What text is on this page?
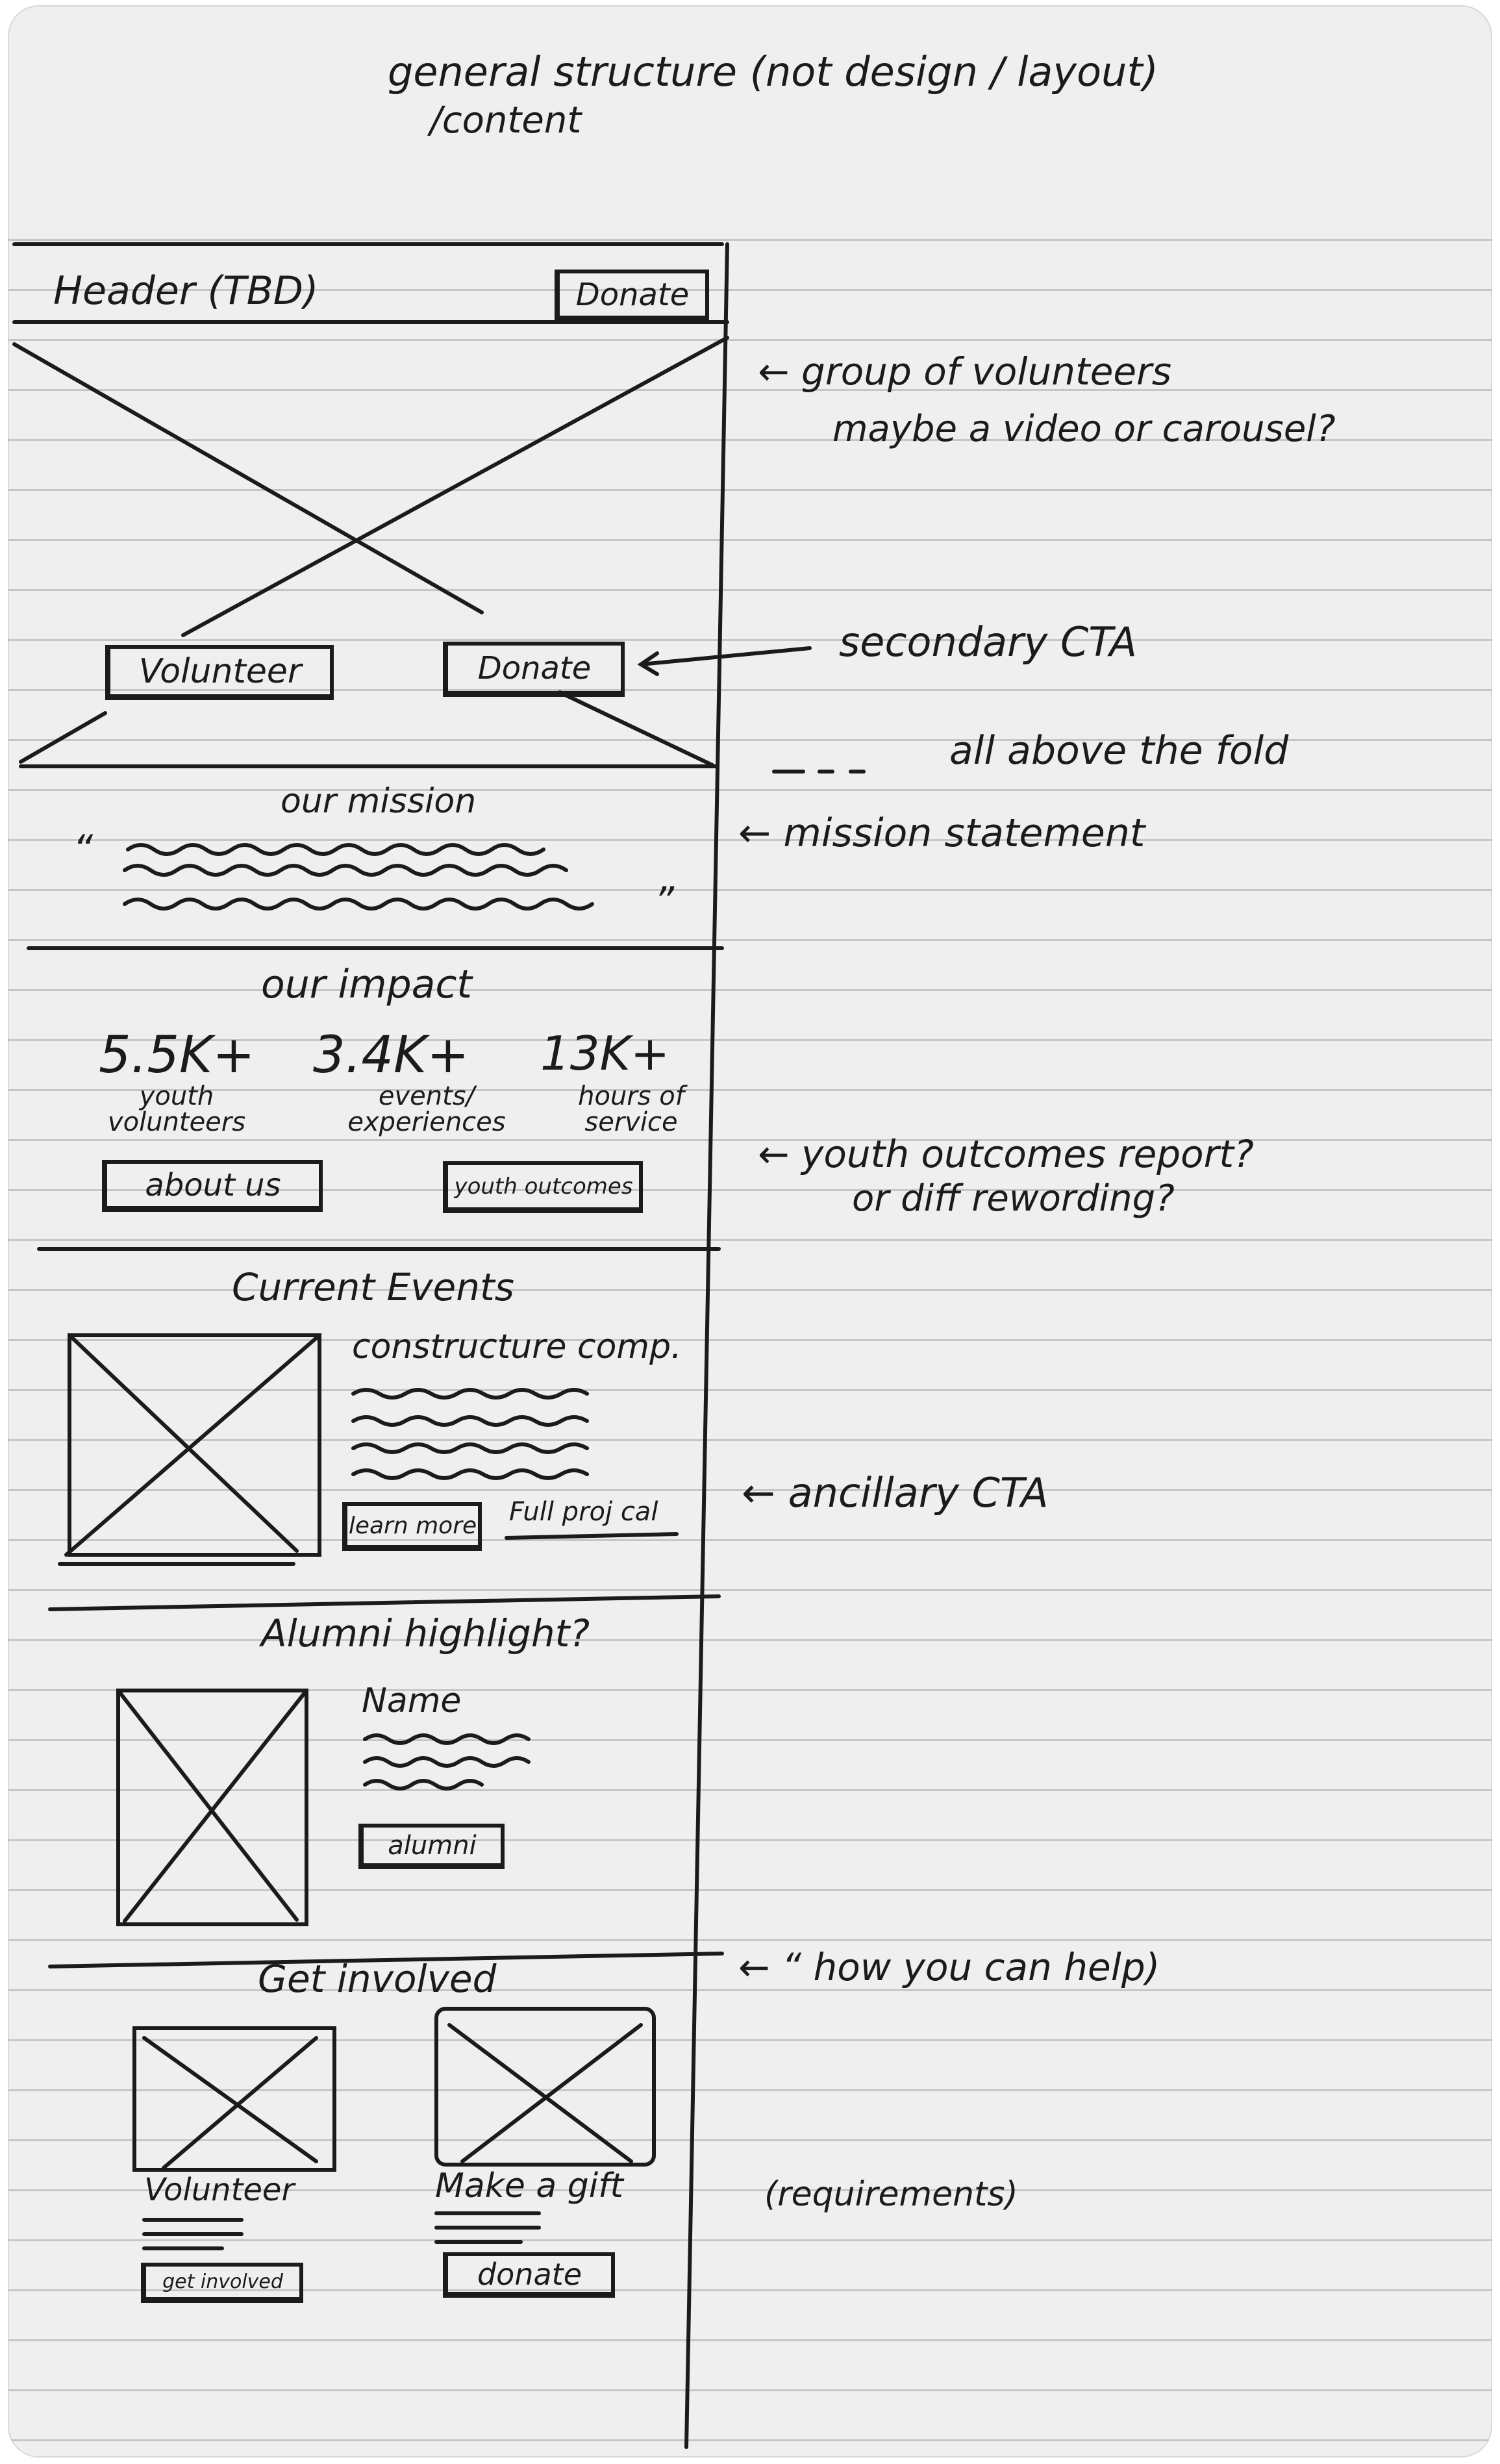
general structure (not design / layout)
/content
Header (TBD)	Donate
Volunteer	Donate
our mission
“
”
our impact
5.5K+
youth volunteers
3.4K+
events/ experiences
13K+
hours of service
about us	youth outcomes
Current Events
constructure comp.
learn more Full proj cal
Alumni highlight?
Name
alumni
Get involved
Volunteer
get involved
Make a gift
donate
← group of volunteers
maybe a video or carousel?
secondary CTA
all above the fold
← mission statement
← youth outcomes report?
or diff rewording?
← ancillary CTA
← “ how you can help)
(requirements)
